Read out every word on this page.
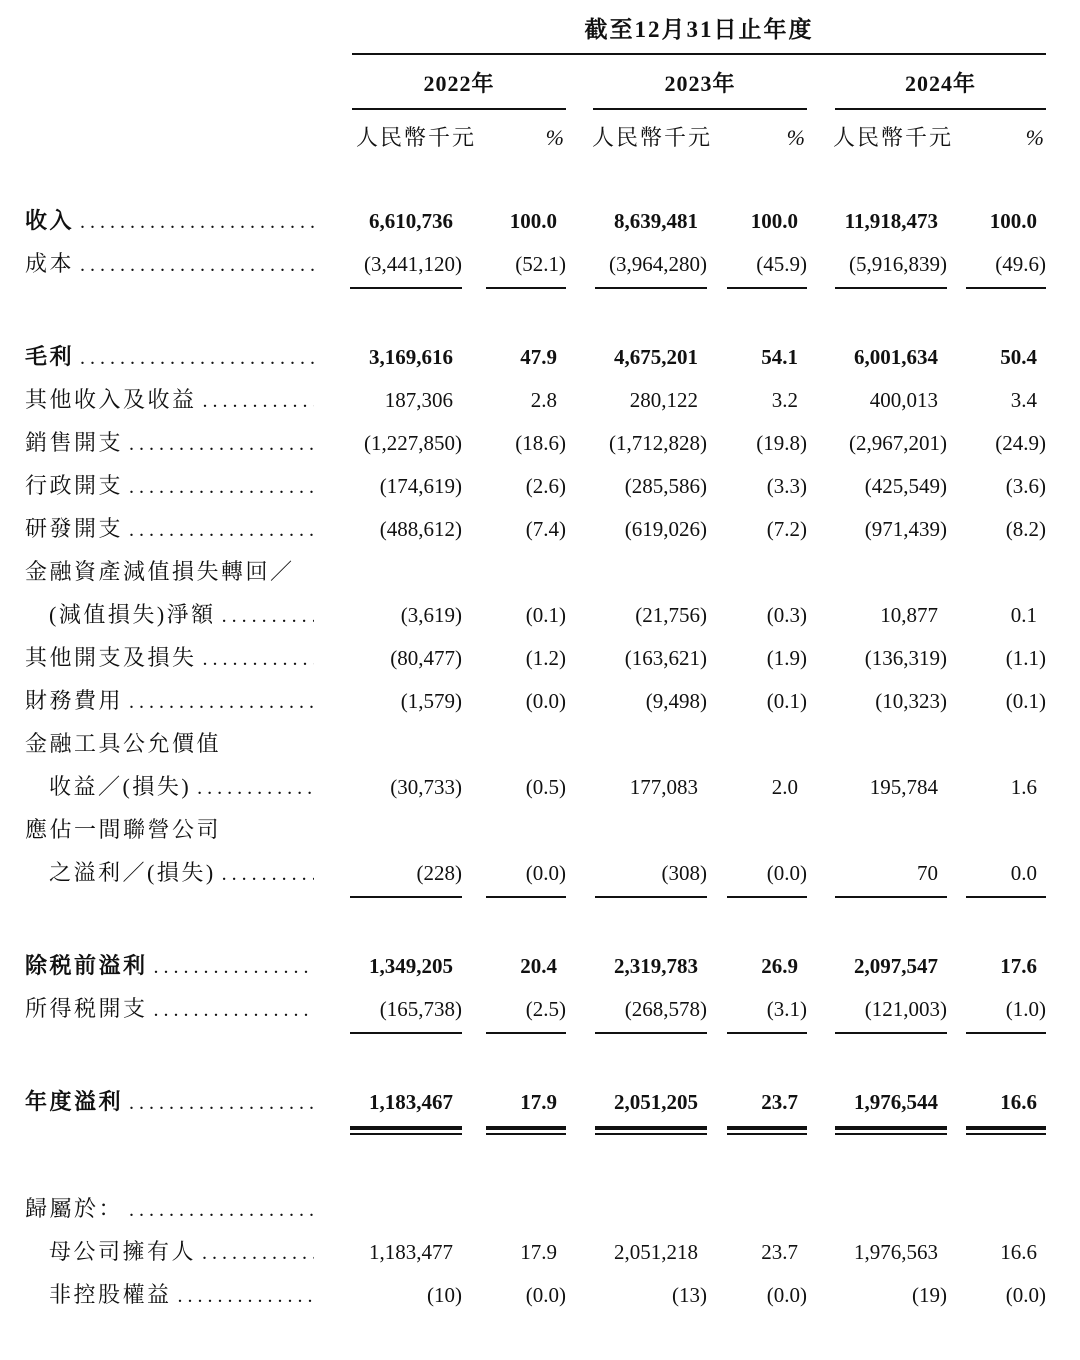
截至12月31日止年度
2022年	2023年	2024年
人民幣千元	%	人民幣千元	%	人民幣千元	%
收入 .....	6,610,736	100.0	8,639,481	100.0	11,918,473	100.0
成本 .....	(3,441,120)	(52.1)	(3,964,280)	(45.9)	(5,916,839)	(49.6)
毛利 .....	3,169,616	47.9	4,675,201	54.1	6,001,634	50.4
其他收入及收益 .....	187,306	2.8	280,122	3.2	400,013	3.4
銷售開支 .....	(1,227,850)	(18.6)	(1,712,828)	(19.8)	(2,967,201)	(24.9)
行政開支 .....	(174,619)	(2.6)	(285,586)	(3.3)	(425,549)	(3.6)
研發開支 .....	(488,612)	(7.4)	(619,026)	(7.2)	(971,439)	(8.2)
金融資產減值損失轉回／
(減值損失)淨額 .....	(3,619)	(0.1)	(21,756)	(0.3)	10,877	0.1
其他開支及損失 .....	(80,477)	(1.2)	(163,621)	(1.9)	(136,319)	(1.1)
財務費用 .....	(1,579)	(0.0)	(9,498)	(0.1)	(10,323)	(0.1)
金融工具公允價值
收益／(損失) .....	(30,733)	(0.5)	177,083	2.0	195,784	1.6
應佔一間聯營公司
之溢利／(損失) .....	(228)	(0.0)	(308)	(0.0)	70	0.0
除税前溢利 .....	1,349,205	20.4	2,319,783	26.9	2,097,547	17.6
所得税開支 .....	(165,738)	(2.5)	(268,578)	(3.1)	(121,003)	(1.0)
年度溢利 .....	1,183,467	17.9	2,051,205	23.7	1,976,544	16.6
歸屬於：
.....
母公司擁有人 .....	1,183,477	17.9	2,051,218	23.7	1,976,563	16.6
非控股權益 .....	(10)	(0.0)	(13)	(0.0)	(19)	(0.0)
